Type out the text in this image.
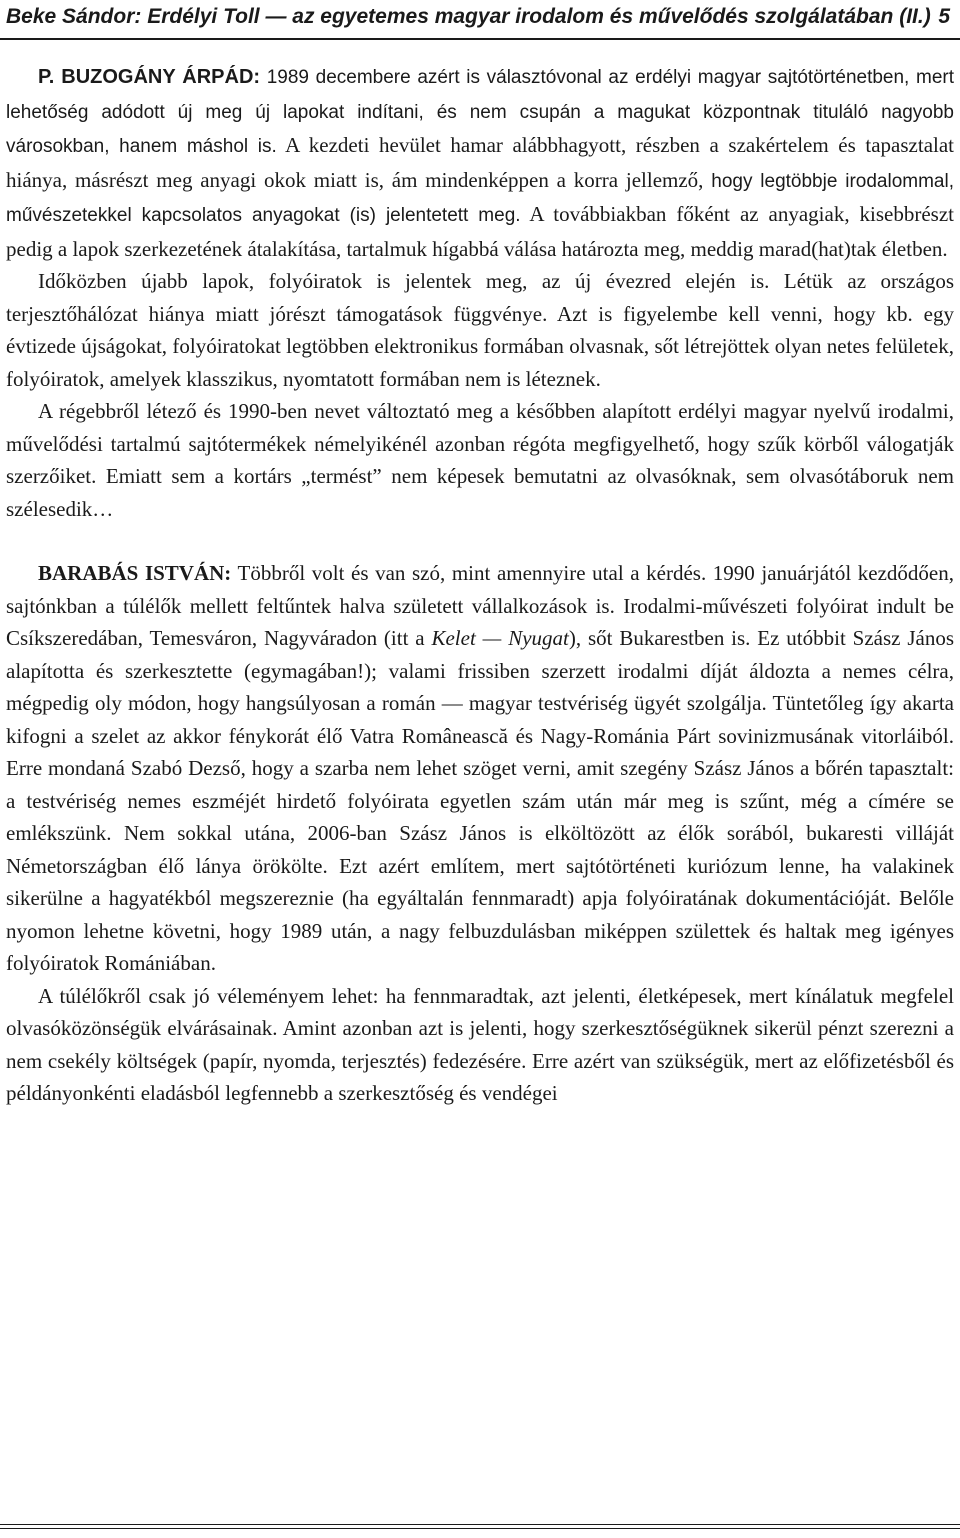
Beke Sándor: Erdélyi Toll — az egyetemes magyar irodalom és művelődés szolgálatában (II.) 5

P. BUZOGÁNY ÁRPÁD: 1989 decembere azért is választóvonal az erdélyi magyar sajtótörténetben, mert lehetőség adódott új meg új lapokat indítani, és nem csupán a magukat központnak tituláló nagyobb városokban, hanem máshol is. A kezdeti hevület hamar alábbhagyott, részben a szakértelem és tapasztalat hiánya, másrészt meg anyagi okok miatt is, ám mindenképpen a korra jellemző, hogy legtöbbje irodalommal, művészetekkel kapcsolatos anyagokat (is) jelentetett meg. A továbbiakban főként az anyagiak, kisebbrészt pedig a lapok szerkezetének átalakítása, tartalmuk hígabbá válása határozta meg, meddig marad(hat)tak életben.

Időközben újabb lapok, folyóiratok is jelentek meg, az új évezred elején is. Létük az országos terjesztőhálózat hiánya miatt jórészt támogatások függvénye. Azt is figyelembe kell venni, hogy kb. egy évtizede újságokat, folyóiratokat legtöbben elektronikus formában olvasnak, sőt létrejöttek olyan netes felületek, folyóiratok, amelyek klasszikus, nyomtatott formában nem is léteznek.

A régebbről létező és 1990-ben nevet változtató meg a későbben alapított erdélyi magyar nyelvű irodalmi, művelődési tartalmú sajtótermékek némelyikénél azonban régóta megfigyelhető, hogy szűk körből válogatják szerzőiket. Emiatt sem a kortárs „termést” nem képesek bemutatni az olvasóknak, sem olvasótáboruk nem szélesedik…

BARABÁS ISTVÁN: Többről volt és van szó, mint amennyire utal a kérdés. 1990 januárjától kezdődően, sajtónkban a túlélők mellett feltűntek halva született vállalkozások is. Irodalmi-művészeti folyóirat indult be Csíkszeredában, Temesváron, Nagyváradon (itt a Kelet — Nyugat), sőt Bukarestben is. Ez utóbbit Szász János alapította és szerkesztette (egymagában!); valami frissiben szerzett irodalmi díját áldozta a nemes célra, mégpedig oly módon, hogy hangsúlyosan a román — magyar testvériség ügyét szolgálja. Tüntetőleg így akarta kifogni a szelet az akkor fénykorát élő Vatra Românească és Nagy-Románia Párt sovinizmusának vitorláiból. Erre mondaná Szabó Dezső, hogy a szarba nem lehet szöget verni, amit szegény Szász János a bőrén tapasztalt: a testvériség nemes eszméjét hirdető folyóirata egyetlen szám után már meg is szűnt, még a címére se emlékszünk. Nem sokkal utána, 2006-ban Szász János is elköltözött az élők sorából, bukaresti villáját Németországban élő lánya örökölte. Ezt azért említem, mert sajtótörténeti kuriózum lenne, ha valakinek sikerülne a hagyatékból megszereznie (ha egyáltalán fennmaradt) apja folyóiratának dokumentációját. Belőle nyomon lehetne követni, hogy 1989 után, a nagy felbuzdulásban miképpen születtek és haltak meg igényes folyóiratok Romániában.

A túlélőkről csak jó véleményem lehet: ha fennmaradtak, azt jelenti, életképesek, mert kínálatuk megfelel olvasóközönségük elvárásainak. Amint azonban azt is jelenti, hogy szerkesztőségüknek sikerül pénzt szerezni a nem csekély költségek (papír, nyomda, terjesztés) fedezésére. Erre azért van szükségük, mert az előfizetésből és példányonkénti eladásból legfennebb a szerkesztőség és vendégei
